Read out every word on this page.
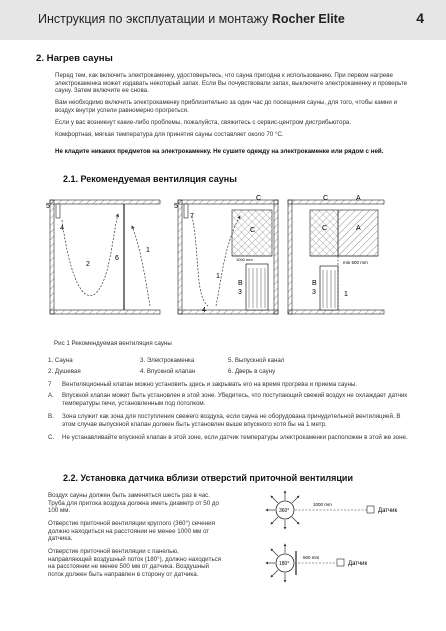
Инструкция по эксплуатации и монтажу Rocher Elite	4
2. Нагрев сауны
Перед тем, как включить электрокаменку, удостоверьтесь, что сауна пригодна к использованию. При первом нагреве электрокаменка может издавать некоторый запах. Если Вы почувствовали запах, выключите электрокаменку и проверьте сауну. Затем включите ее снова.
Вам необходимо включить электрокаменку приблизительно за один час до посещения сауны, для того, чтобы камни и воздух внутри успели равномерно прогреться.
Если у вас возникнут какие-либо проблемы, пожалуйста, свяжитесь с сервис-центром дистрибьютора.
Комфортная, мягкая температура для принятия сауны составляет около 70 °C.
Не кладите никаких предметов на электрокаменку. Не сушите одежду на электрокаменке или рядом с ней.
2.1. Рекомендуемая вентиляция сауны
5
4
2
6
1
5
7
C
C
1000 mm
1
B
3
4
C	A
C	A
min 500 mm
B
3	1
Рис 1 Рекомендуемая вентиляция сауны
1. Сауна	3. Электрокаменка	5. Выпускной канал
2. Душевая	4. Впускной клапан	6. Дверь в сауну
7 Вентиляционный клапан можно установить здесь и закрывать его на время прогрева и приема сауны.
A. Впускной клапан может быть установлен в этой зоне. Убедитесь, что поступающий свежий воздух не охлаждает датчик температуры печи, установленным под потолком.
B. Зона служит как зона для поступления свежего воздуха, если сауна не оборудована принудительной вентиляцией. В этом случае выпускной клапан должен быть установлен выше впускного хотя бы на 1 метр.
C. Не устанавливайте впускной клапан в этой зоне, если датчик температуры электрокаменки расположен в этой же зоне.
2.2. Установка датчика вблизи отверстий приточной вентиляции
Воздух сауны должен быть заменяться шесть раз в час. Труба для притока воздуха должна иметь диаметр от 50 до 100 мм.
Отверстие приточной вентиляции круглого (360°) сечения должно находиться на расстоянии не менее 1000 мм от датчика.
Отверстие приточной вентиляции с панелью, направляющей воздушный поток (180°), должно находиться на расстоянии не менее 500 мм от датчика. Воздушный поток должен быть направлен в сторону от датчика.
360°
1000 mm
Датчик
180°
500 mm
Датчик
